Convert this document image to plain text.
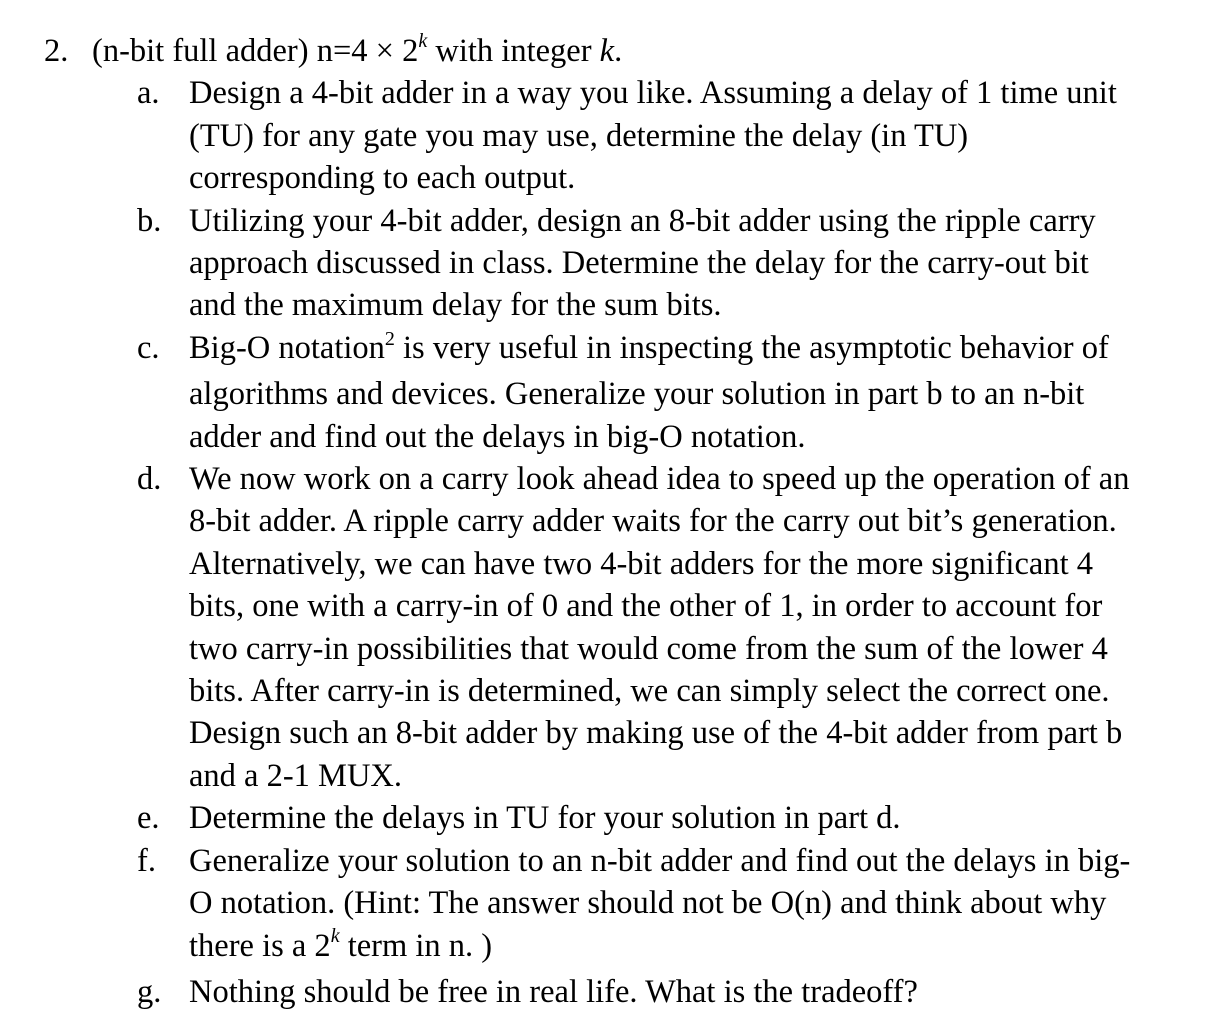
2. (n-bit full adder) $n=4 \times 2^k$ with integer k.
a. Design a 4-bit adder in a way you like. Assuming a delay of 1 time unit
(TU) for any gate you may use, determine the delay (in TU)
corresponding to each output.
b. Utilizing your 4-bit adder, design an 8-bit adder using the ripple carry
approach discussed in class. Determine the delay for the carry-out bit
and the maximum delay for the sum bits.
c. Big-O notation$^2$ is very useful in inspecting the asymptotic behavior of
algorithms and devices. Generalize your solution in part b to an n-bit
adder and find out the delays in big-O notation.
d. We now work on a carry look ahead idea to speed up the operation of an
8-bit adder. A ripple carry adder waits for the carry out bit’s generation.
Alternatively, we can have two 4-bit adders for the more significant 4
bits, one with a carry-in of 0 and the other of 1, in order to account for
two carry-in possibilities that would come from the sum of the lower 4
bits. After carry-in is determined, we can simply select the correct one.
Design such an 8-bit adder by making use of the 4-bit adder from part b
and a 2-1 MUX.
e. Determine the delays in TU for your solution in part d.
f. Generalize your solution to an n-bit adder and find out the delays in big-
O notation. (Hint: The answer should not be O(n) and think about why
there is a 2$^k$ term in n. )
g. Nothing should be free in real life. What is the tradeoff?
